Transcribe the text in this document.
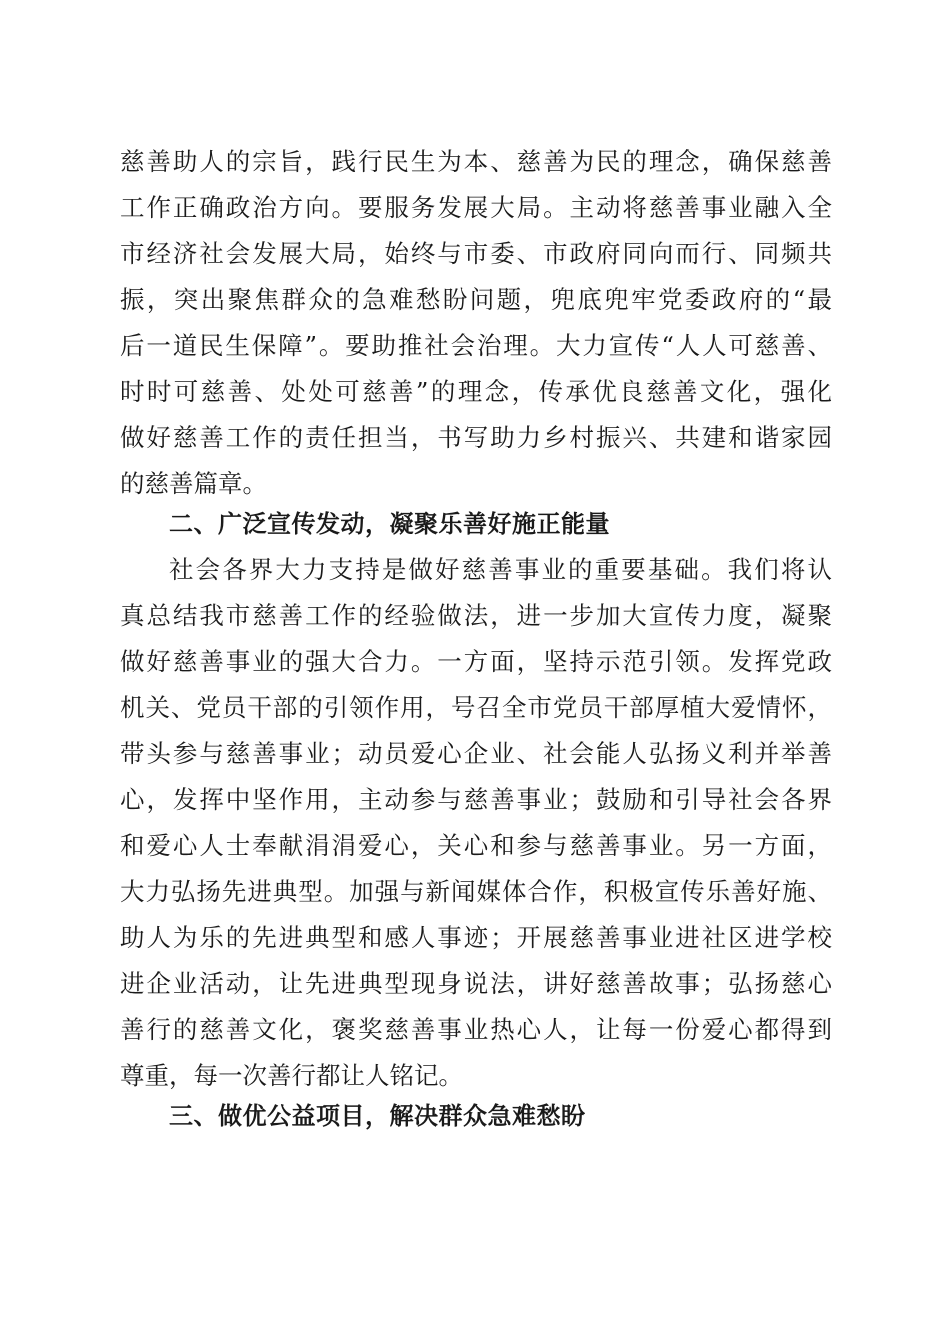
慈善助人的宗旨，践行民生为本、慈善为民的理念，确保慈善
工作正确政治方向。要服务发展大局。主动将慈善事业融入全
市经济社会发展大局，始终与市委、市政府同向而行、同频共
振，突出聚焦群众的急难愁盼问题，兜底兜牢党委政府的“最
后一道民生保障”。要助推社会治理。大力宣传“人人可慈善、
时时可慈善、处处可慈善”的理念，传承优良慈善文化，强化
做好慈善工作的责任担当，书写助力乡村振兴、共建和谐家园
的慈善篇章。
二、广泛宣传发动，凝聚乐善好施正能量
社会各界大力支持是做好慈善事业的重要基础。我们将认
真总结我市慈善工作的经验做法，进一步加大宣传力度，凝聚
做好慈善事业的强大合力。一方面，坚持示范引领。发挥党政
机关、党员干部的引领作用，号召全市党员干部厚植大爱情怀，
带头参与慈善事业；动员爱心企业、社会能人弘扬义利并举善
心，发挥中坚作用，主动参与慈善事业；鼓励和引导社会各界
和爱心人士奉献涓涓爱心，关心和参与慈善事业。另一方面，
大力弘扬先进典型。加强与新闻媒体合作，积极宣传乐善好施、
助人为乐的先进典型和感人事迹；开展慈善事业进社区进学校
进企业活动，让先进典型现身说法，讲好慈善故事；弘扬慈心
善行的慈善文化，褒奖慈善事业热心人，让每一份爱心都得到
尊重，每一次善行都让人铭记。
三、做优公益项目，解决群众急难愁盼
